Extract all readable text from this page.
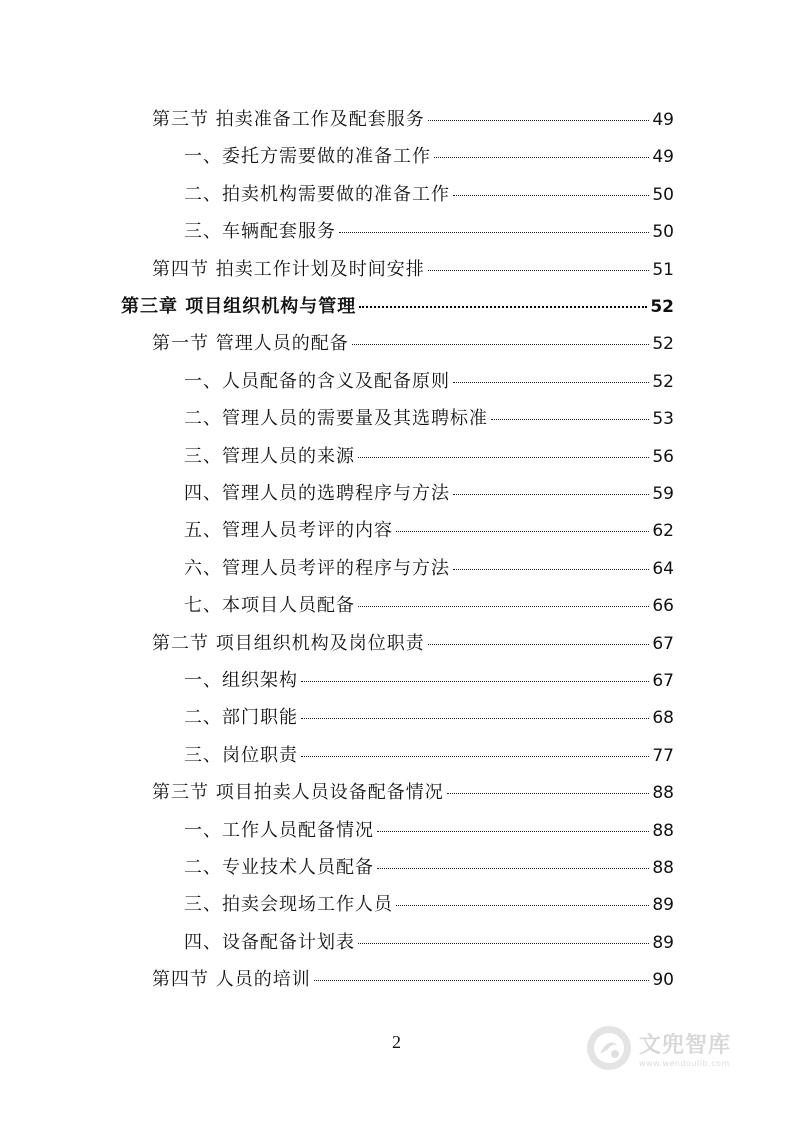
第三节 拍卖准备工作及配套服务	49
一、委托方需要做的准备工作	49
二、拍卖机构需要做的准备工作	50
三、车辆配套服务	50
第四节 拍卖工作计划及时间安排	51
第三章 项目组织机构与管理	52
第一节 管理人员的配备	52
一、人员配备的含义及配备原则	52
二、管理人员的需要量及其选聘标准	53
三、管理人员的来源	56
四、管理人员的选聘程序与方法	59
五、管理人员考评的内容	62
六、管理人员考评的程序与方法	64
七、本项目人员配备	66
第二节 项目组织机构及岗位职责	67
一、组织架构	67
二、部门职能	68
三、岗位职责	77
第三节 项目拍卖人员设备配备情况	88
一、工作人员配备情况	88
二、专业技术人员配备	88
三、拍卖会现场工作人员	89
四、设备配备计划表	89
第四节 人员的培训	90
2	文兜智库
www.wendoulib.com
